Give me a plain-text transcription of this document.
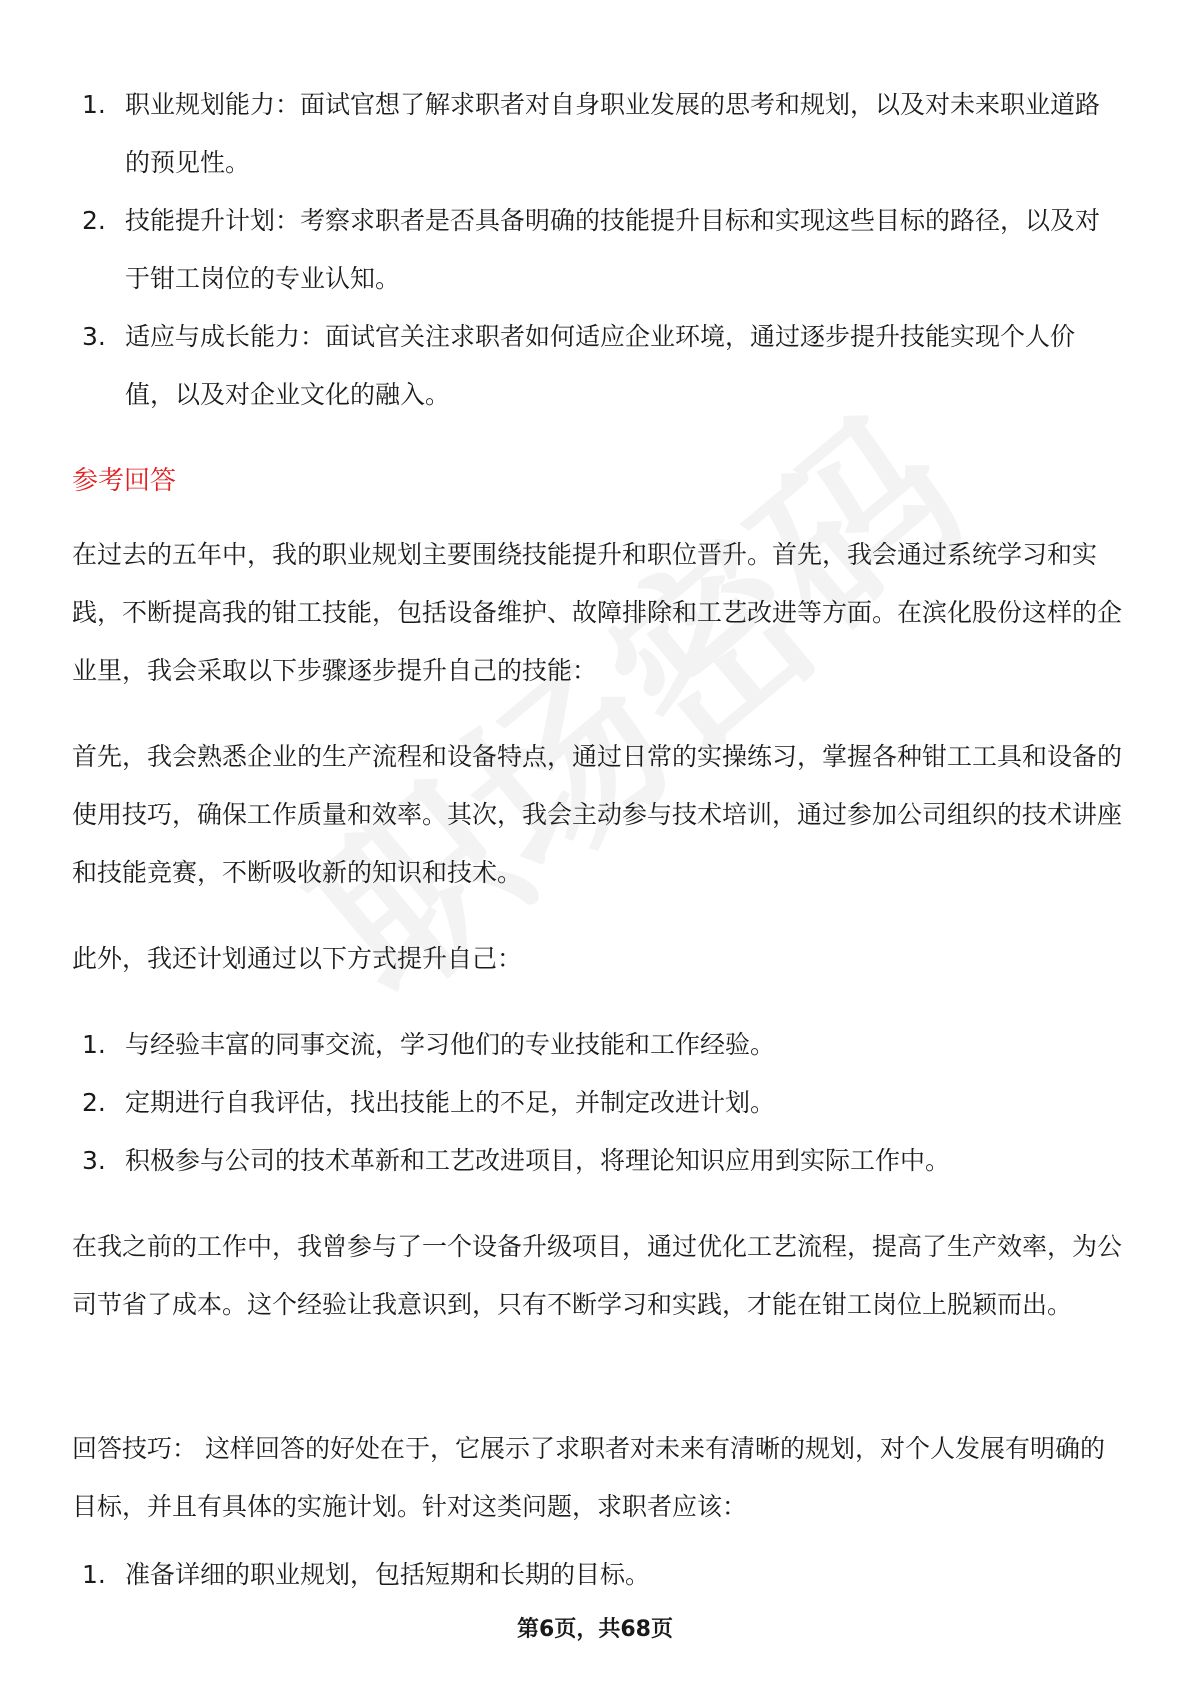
1. 职业规划能力：面试官想了解求职者对自身职业发展的思考和规划，以及对未来职业道路的预见性。
2. 技能提升计划：考察求职者是否具备明确的技能提升目标和实现这些目标的路径，以及对于钳工岗位的专业认知。
3. 适应与成长能力：面试官关注求职者如何适应企业环境，通过逐步提升技能实现个人价值，以及对企业文化的融入。
参考回答

在过去的五年中，我的职业规划主要围绕技能提升和职位晋升。首先，我会通过系统学习和实践，不断提高我的钳工技能，包括设备维护、故障排除和工艺改进等方面。在滨化股份这样的企业里，我会采取以下步骤逐步提升自己的技能：

首先，我会熟悉企业的生产流程和设备特点，通过日常的实操练习，掌握各种钳工工具和设备的使用技巧，确保工作质量和效率。其次，我会主动参与技术培训，通过参加公司组织的技术讲座和技能竞赛，不断吸收新的知识和技术。

此外，我还计划通过以下方式提升自己：

1. 与经验丰富的同事交流，学习他们的专业技能和工作经验。
2. 定期进行自我评估，找出技能上的不足，并制定改进计划。
3. 积极参与公司的技术革新和工艺改进项目，将理论知识应用到实际工作中。

在我之前的工作中，我曾参与了一个设备升级项目，通过优化工艺流程，提高了生产效率，为公司节省了成本。这个经验让我意识到，只有不断学习和实践，才能在钳工岗位上脱颖而出。

回答技巧： 这样回答的好处在于，它展示了求职者对未来有清晰的规划，对个人发展有明确的目标，并且有具体的实施计划。针对这类问题，求职者应该：

1. 准备详细的职业规划，包括短期和长期的目标。
第6页，共68页
